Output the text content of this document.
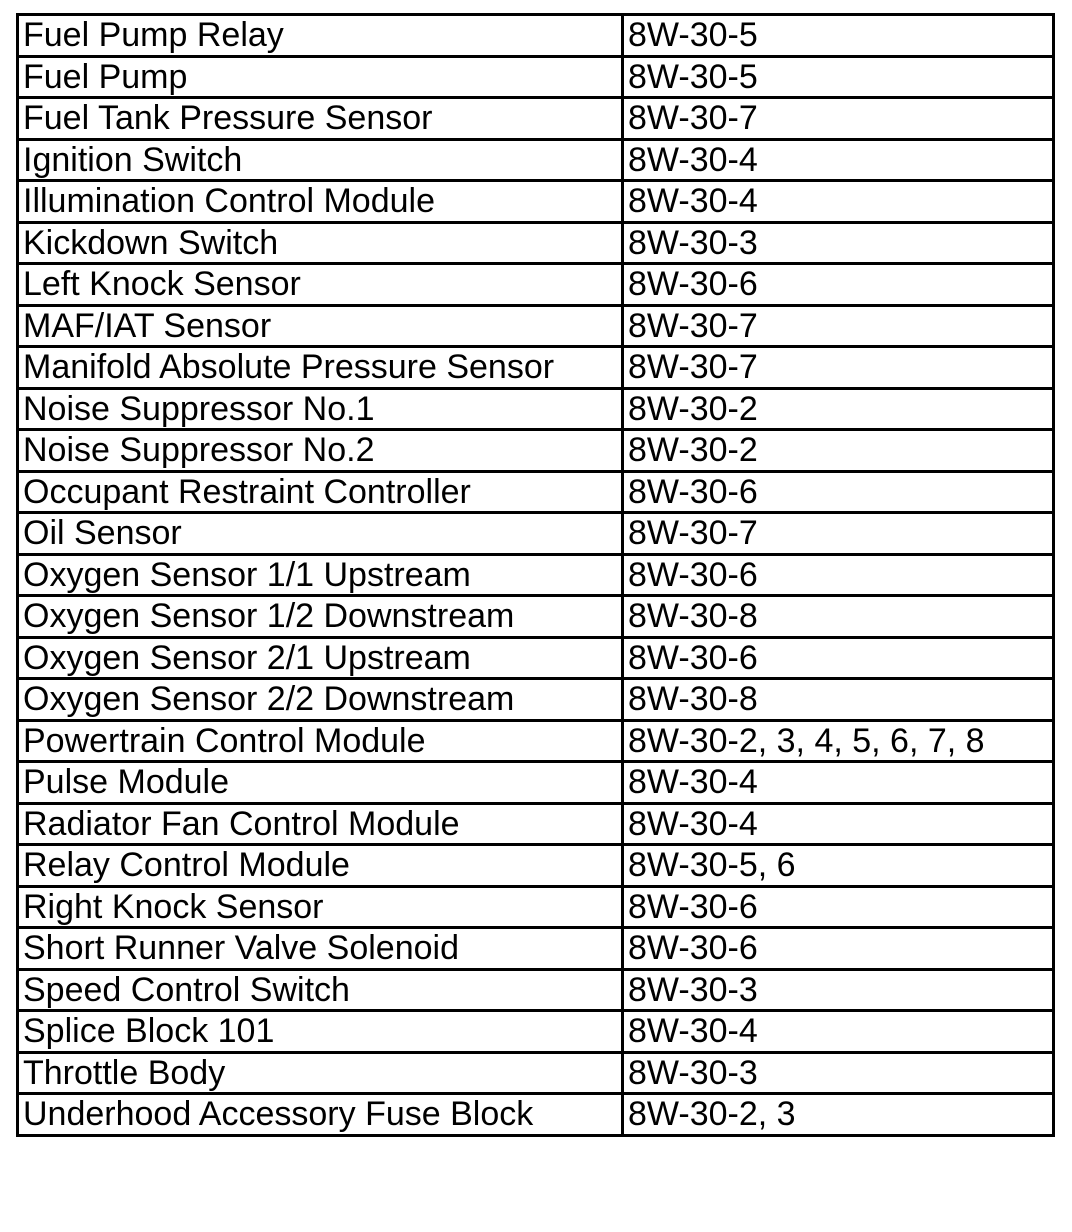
Fuel Pump Relay	8W-30-5
Fuel Pump	8W-30-5
Fuel Tank Pressure Sensor	8W-30-7
Ignition Switch	8W-30-4
Illumination Control Module	8W-30-4
Kickdown Switch	8W-30-3
Left Knock Sensor	8W-30-6
MAF/IAT Sensor	8W-30-7
Manifold Absolute Pressure Sensor	8W-30-7
Noise Suppressor No.1	8W-30-2
Noise Suppressor No.2	8W-30-2
Occupant Restraint Controller	8W-30-6
Oil Sensor	8W-30-7
Oxygen Sensor 1/1 Upstream	8W-30-6
Oxygen Sensor 1/2 Downstream	8W-30-8
Oxygen Sensor 2/1 Upstream	8W-30-6
Oxygen Sensor 2/2 Downstream	8W-30-8
Powertrain Control Module	8W-30-2, 3, 4, 5, 6, 7, 8
Pulse Module	8W-30-4
Radiator Fan Control Module	8W-30-4
Relay Control Module	8W-30-5, 6
Right Knock Sensor	8W-30-6
Short Runner Valve Solenoid	8W-30-6
Speed Control Switch	8W-30-3
Splice Block 101	8W-30-4
Throttle Body	8W-30-3
Underhood Accessory Fuse Block	8W-30-2, 3
